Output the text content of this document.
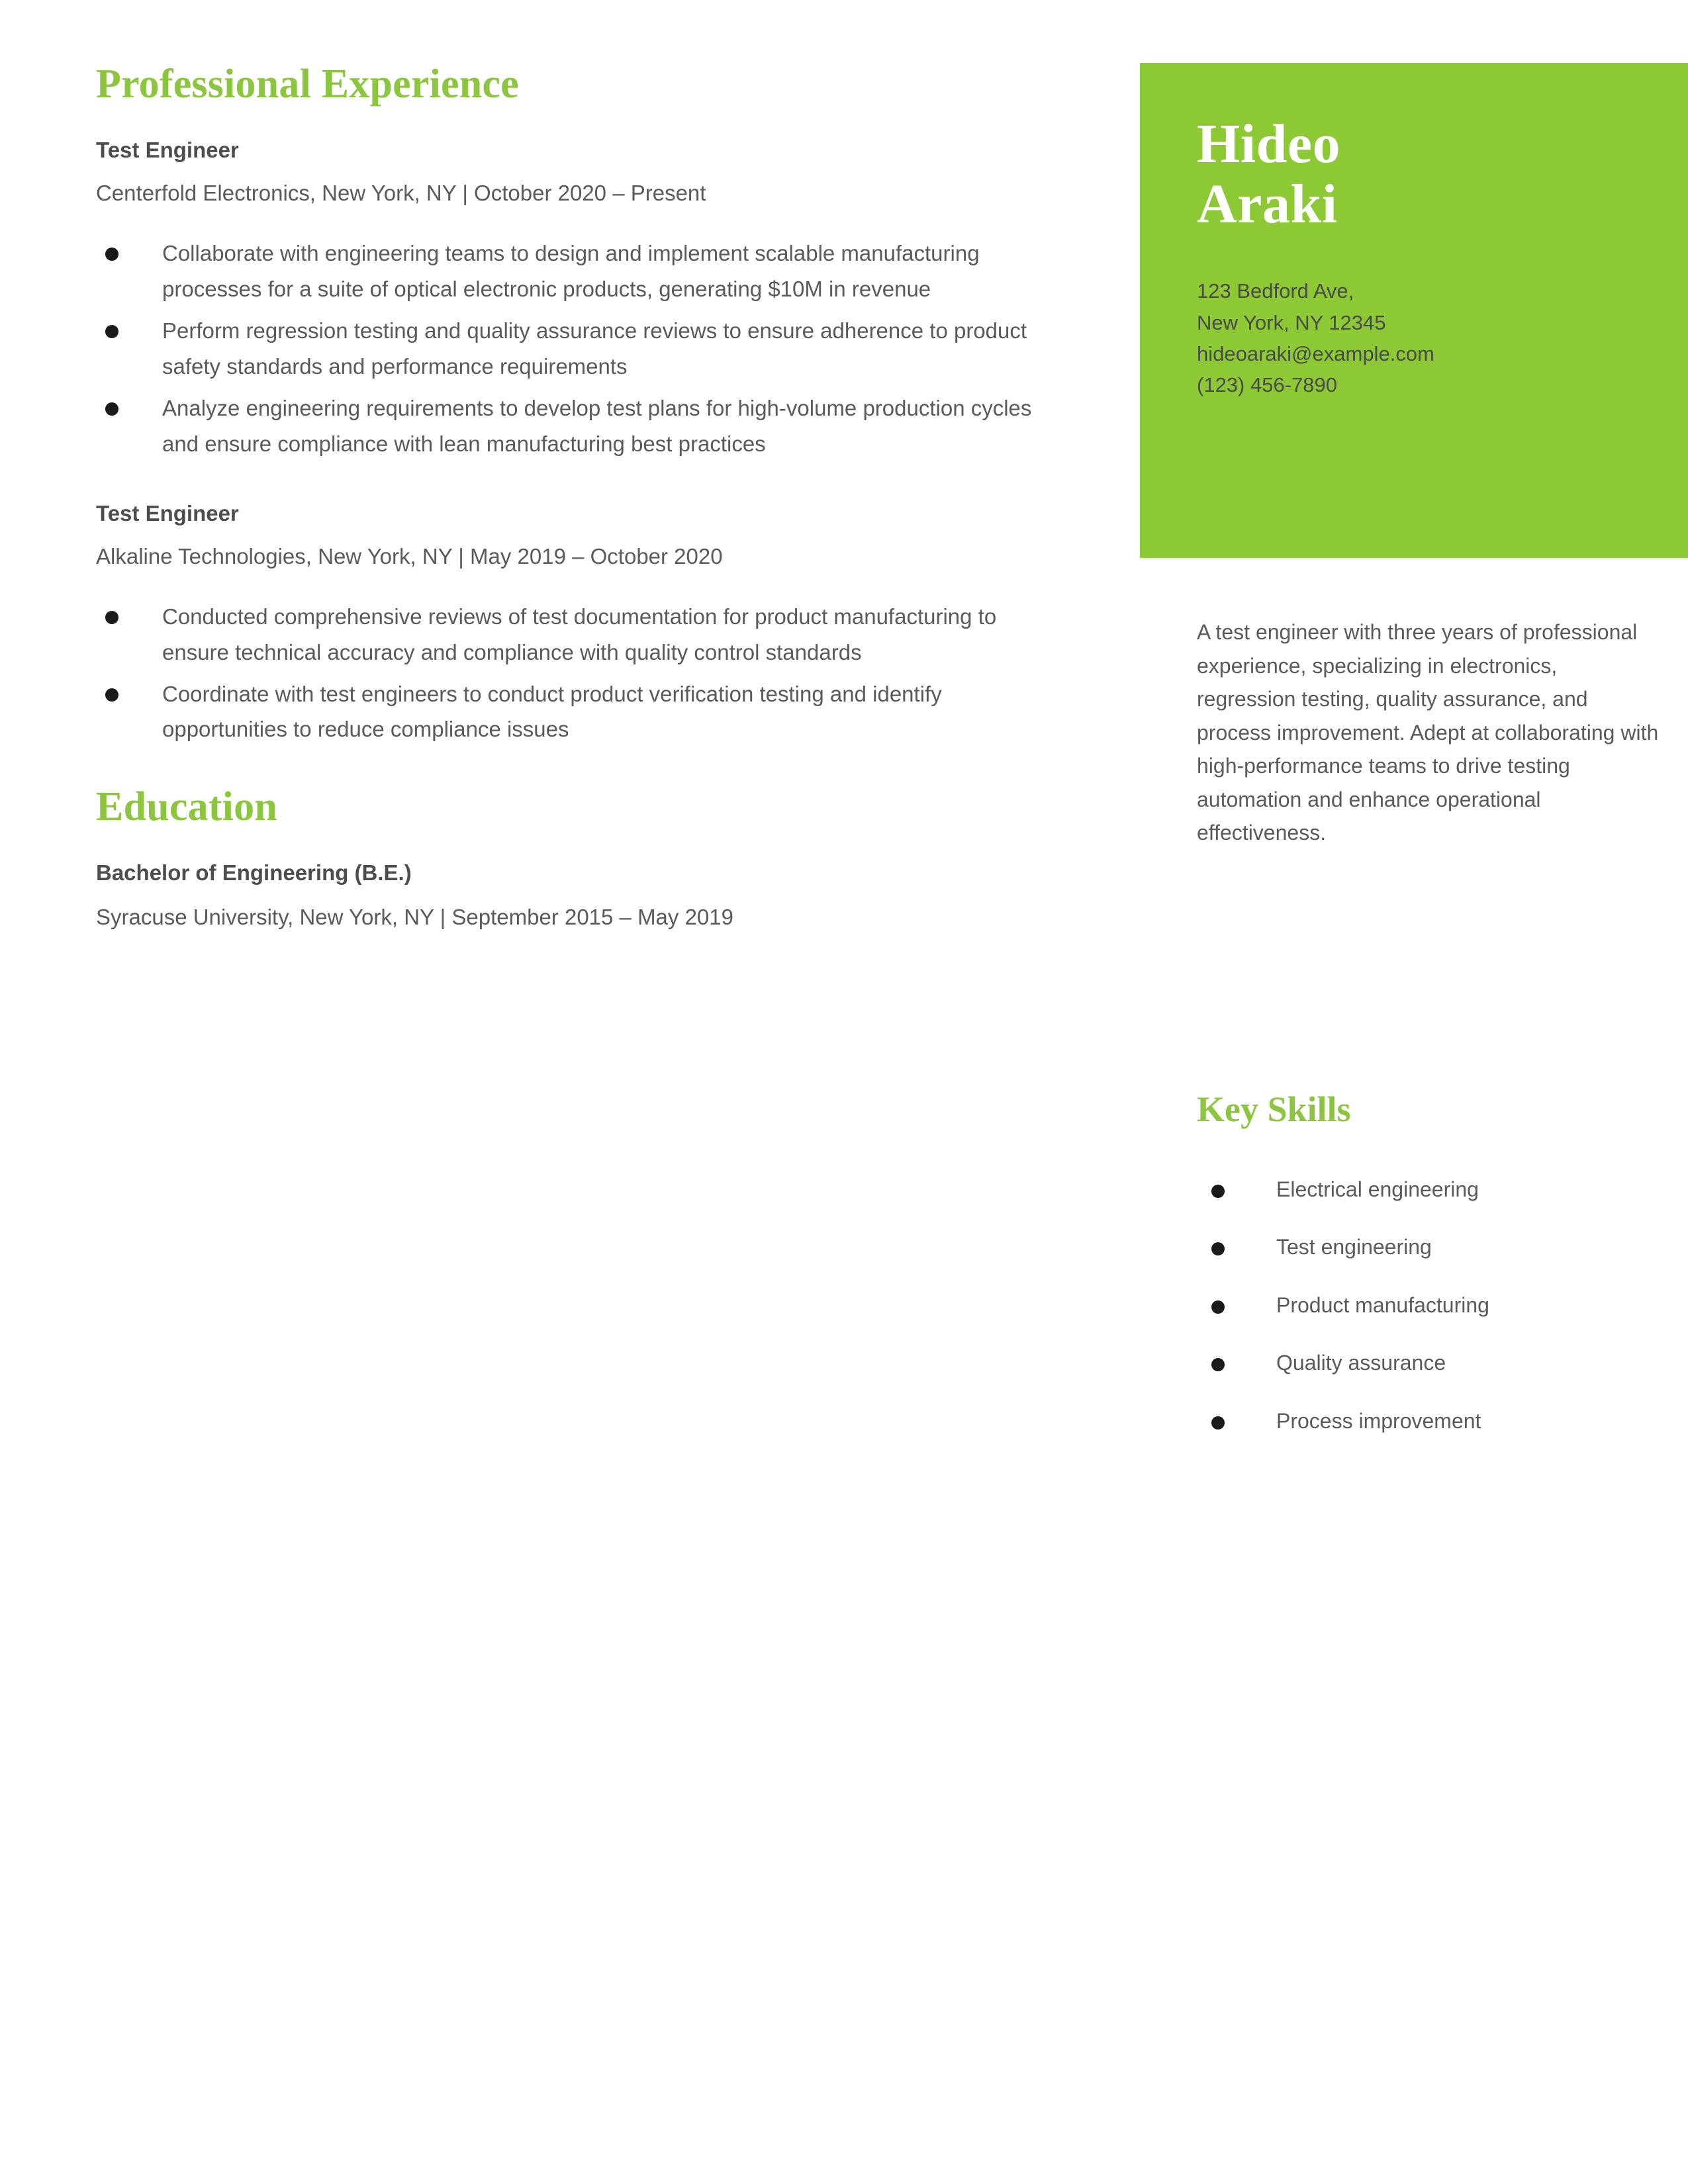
Professional Experience
Test Engineer
Centerfold Electronics, New York, NY | October 2020 – Present
Collaborate with engineering teams to design and implement scalable manufacturing processes for a suite of optical electronic products, generating $10M in revenue
Perform regression testing and quality assurance reviews to ensure adherence to product safety standards and performance requirements
Analyze engineering requirements to develop test plans for high-volume production cycles and ensure compliance with lean manufacturing best practices
Test Engineer
Alkaline Technologies, New York, NY | May 2019 – October 2020
Conducted comprehensive reviews of test documentation for product manufacturing to ensure technical accuracy and compliance with quality control standards
Coordinate with test engineers to conduct product verification testing and identify opportunities to reduce compliance issues
Education
Bachelor of Engineering (B.E.)
Syracuse University, New York, NY | September 2015 – May 2019
Hideo
Araki
123 Bedford Ave,
New York, NY 12345
hideoaraki@example.com
(123) 456-7890
A test engineer with three years of professional experience, specializing in electronics, regression testing, quality assurance, and process improvement. Adept at collaborating with high-performance teams to drive testing automation and enhance operational effectiveness.
Key Skills
Electrical engineering
Test engineering
Product manufacturing
Quality assurance
Process improvement
